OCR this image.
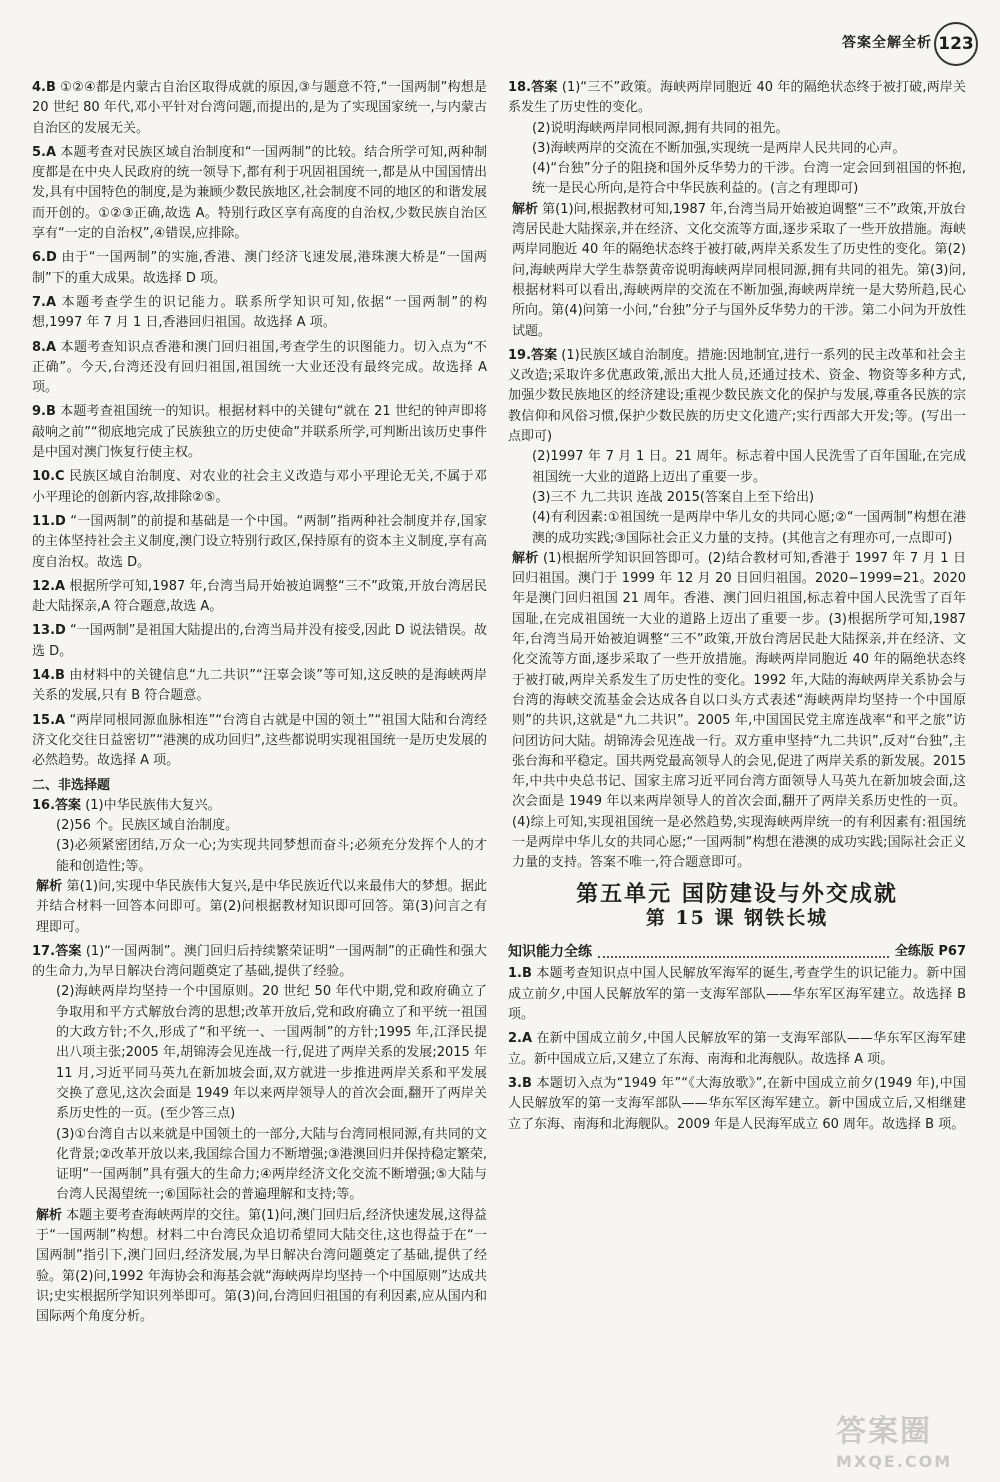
答案全解全析 123

4.B ①②④都是内蒙古自治区取得成就的原因,③与题意不符,“一国两制”构想是 20 世纪 80 年代,邓小平针对台湾问题,而提出的,是为了实现国家统一,与内蒙古自治区的发展无关。

5.A 本题考查对民族区域自治制度和“一国两制”的比较。结合所学可知,两种制度都是在中央人民政府的统一领导下,都有利于巩固祖国统一,都是从中国国情出发,具有中国特色的制度,是为兼顾少数民族地区,社会制度不同的地区的和谐发展而开创的。①②③正确,故选 A。特别行政区享有高度的自治权,少数民族自治区享有“一定的自治权”,④错误,应排除。

6.D 由于“一国两制”的实施,香港、澳门经济飞速发展,港珠澳大桥是“一国两制”下的重大成果。故选择 D 项。

7.A 本题考查学生的识记能力。联系所学知识可知,依据“一国两制”的构想,1997 年 7 月 1 日,香港回归祖国。故选择 A 项。

8.A 本题考查知识点香港和澳门回归祖国,考查学生的识图能力。切入点为“不正确”。今天,台湾还没有回归祖国,祖国统一大业还没有最终完成。故选择 A 项。

9.B 本题考查祖国统一的知识。根据材料中的关键句“就在 21 世纪的钟声即将敲响之前”“彻底地完成了民族独立的历史使命”并联系所学,可判断出该历史事件是中国对澳门恢复行使主权。

10.C 民族区域自治制度、对农业的社会主义改造与邓小平理论无关,不属于邓小平理论的创新内容,故排除②⑤。

11.D “一国两制”的前提和基础是一个中国。“两制”指两种社会制度并存,国家的主体坚持社会主义制度,澳门设立特别行政区,保持原有的资本主义制度,享有高度自治权。故选 D。

12.A 根据所学可知,1987 年,台湾当局开始被迫调整“三不”政策,开放台湾居民赴大陆探亲,A 符合题意,故选 A。

13.D “一国两制”是祖国大陆提出的,台湾当局并没有接受,因此 D 说法错误。故选 D。

14.B 由材料中的关键信息“九二共识”“汪辜会谈”等可知,这反映的是海峡两岸关系的发展,只有 B 符合题意。

15.A “两岸同根同源血脉相连”“台湾自古就是中国的领土”“祖国大陆和台湾经济文化交往日益密切”“港澳的成功回归”,这些都说明实现祖国统一是历史发展的必然趋势。故选择 A 项。

二、非选择题

16.答案 (1)中华民族伟大复兴。

(2)56 个。民族区域自治制度。

(3)必须紧密团结,万众一心;为实现共同梦想而奋斗;必须充分发挥个人的才能和创造性;等。

解析 第(1)问,实现中华民族伟大复兴,是中华民族近代以来最伟大的梦想。据此并结合材料一回答本问即可。第(2)问根据教材知识即可回答。第(3)问言之有理即可。

17.答案 (1)“一国两制”。澳门回归后持续繁荣证明“一国两制”的正确性和强大的生命力,为早日解决台湾问题奠定了基础,提供了经验。

(2)海峡两岸均坚持一个中国原则。20 世纪 50 年代中期,党和政府确立了争取用和平方式解放台湾的思想;改革开放后,党和政府确立了和平统一祖国的大政方针;不久,形成了“和平统一、一国两制”的方针;1995 年,江泽民提出八项主张;2005 年,胡锦涛会见连战一行,促进了两岸关系的发展;2015 年 11 月,习近平同马英九在新加坡会面,双方就进一步推进两岸关系和平发展交换了意见,这次会面是 1949 年以来两岸领导人的首次会面,翻开了两岸关系历史性的一页。(至少答三点)

(3)①台湾自古以来就是中国领土的一部分,大陆与台湾同根同源,有共同的文化背景;②改革开放以来,我国综合国力不断增强;③港澳回归并保持稳定繁荣,证明“一国两制”具有强大的生命力;④两岸经济文化交流不断增强;⑤大陆与台湾人民渴望统一;⑥国际社会的普遍理解和支持;等。

解析 本题主要考查海峡两岸的交往。第(1)问,澳门回归后,经济快速发展,这得益于“一国两制”构想。材料二中台湾民众追切希望同大陆交往,这也得益于在“一国两制”指引下,澳门回归,经济发展,为早日解决台湾问题奠定了基础,提供了经验。第(2)问,1992 年海协会和海基会就“海峡两岸均坚持一个中国原则”达成共识;史实根据所学知识列举即可。第(3)问,台湾回归祖国的有利因素,应从国内和国际两个角度分析。

18.答案 (1)“三不”政策。海峡两岸同胞近 40 年的隔绝状态终于被打破,两岸关系发生了历史性的变化。

(2)说明海峡两岸同根同源,拥有共同的祖先。

(3)海峡两岸的交流在不断加强,实现统一是两岸人民共同的心声。

(4)“台独”分子的阻挠和国外反华势力的干涉。台湾一定会回到祖国的怀抱,统一是民心所向,是符合中华民族利益的。(言之有理即可)

解析 第(1)问,根据教材可知,1987 年,台湾当局开始被迫调整“三不”政策,开放台湾居民赴大陆探亲,并在经济、文化交流等方面,逐步采取了一些开放措施。海峡两岸同胞近 40 年的隔绝状态终于被打破,两岸关系发生了历史性的变化。第(2)问,海峡两岸大学生恭祭黄帝说明海峡两岸同根同源,拥有共同的祖先。第(3)问,根据材料可以看出,海峡两岸的交流在不断加强,海峡两岸统一是大势所趋,民心所向。第(4)问第一小问,“台独”分子与国外反华势力的干涉。第二小问为开放性试题。

19.答案 (1)民族区域自治制度。措施:因地制宜,进行一系列的民主改革和社会主义改造;采取许多优惠政策,派出大批人员,还通过技术、资金、物资等多种方式,加强少数民族地区的经济建设;重视少数民族文化的保护与发展,尊重各民族的宗教信仰和风俗习惯,保护少数民族的历史文化遗产;实行西部大开发;等。(写出一点即可)

(2)1997 年 7 月 1 日。21 周年。标志着中国人民洗雪了百年国耻,在完成祖国统一大业的道路上迈出了重要一步。

(3)三不 九二共识 连战 2015(答案自上至下给出)

(4)有利因素:①祖国统一是两岸中华儿女的共同心愿;②“一国两制”构想在港澳的成功实践;③国际社会正义力量的支持。(其他言之有理亦可,一点即可)

解析 (1)根据所学知识回答即可。(2)结合教材可知,香港于 1997 年 7 月 1 日回归祖国。澳门于 1999 年 12 月 20 日回归祖国。2020−1999=21。2020 年是澳门回归祖国 21 周年。香港、澳门回归祖国,标志着中国人民洗雪了百年国耻,在完成祖国统一大业的道路上迈出了重要一步。(3)根据所学可知,1987 年,台湾当局开始被迫调整“三不”政策,开放台湾居民赴大陆探亲,并在经济、文化交流等方面,逐步采取了一些开放措施。海峡两岸同胞近 40 年的隔绝状态终于被打破,两岸关系发生了历史性的变化。1992 年,大陆的海峡两岸关系协会与台湾的海峡交流基金会达成各自以口头方式表述“海峡两岸均坚持一个中国原则”的共识,这就是“九二共识”。2005 年,中国国民党主席连战率“和平之旅”访问团访问大陆。胡锦涛会见连战一行。双方重申坚持“九二共识”,反对“台独”,主张台海和平稳定。国共两党最高领导人的会见,促进了两岸关系的新发展。2015 年,中共中央总书记、国家主席习近平同台湾方面领导人马英九在新加坡会面,这次会面是 1949 年以来两岸领导人的首次会面,翻开了两岸关系历史性的一页。(4)综上可知,实现祖国统一是必然趋势,实现海峡两岸统一的有利因素有:祖国统一是两岸中华儿女的共同心愿;“一国两制”构想在港澳的成功实践;国际社会正义力量的支持。答案不唯一,符合题意即可。

第五单元 国防建设与外交成就
第 15 课 钢铁长城
知识能力全练	全练版 P67

1.B 本题考查知识点中国人民解放军海军的诞生,考查学生的识记能力。新中国成立前夕,中国人民解放军的第一支海军部队——华东军区海军建立。故选择 B 项。

2.A 在新中国成立前夕,中国人民解放军的第一支海军部队——华东军区海军建立。新中国成立后,又建立了东海、南海和北海舰队。故选择 A 项。

3.B 本题切入点为“1949 年”“《大海放歌》”,在新中国成立前夕(1949 年),中国人民解放军的第一支海军部队——华东军区海军建立。新中国成立后,又相继建立了东海、南海和北海舰队。2009 年是人民海军成立 60 周年。故选择 B 项。

答案圈
MXQE.COM
